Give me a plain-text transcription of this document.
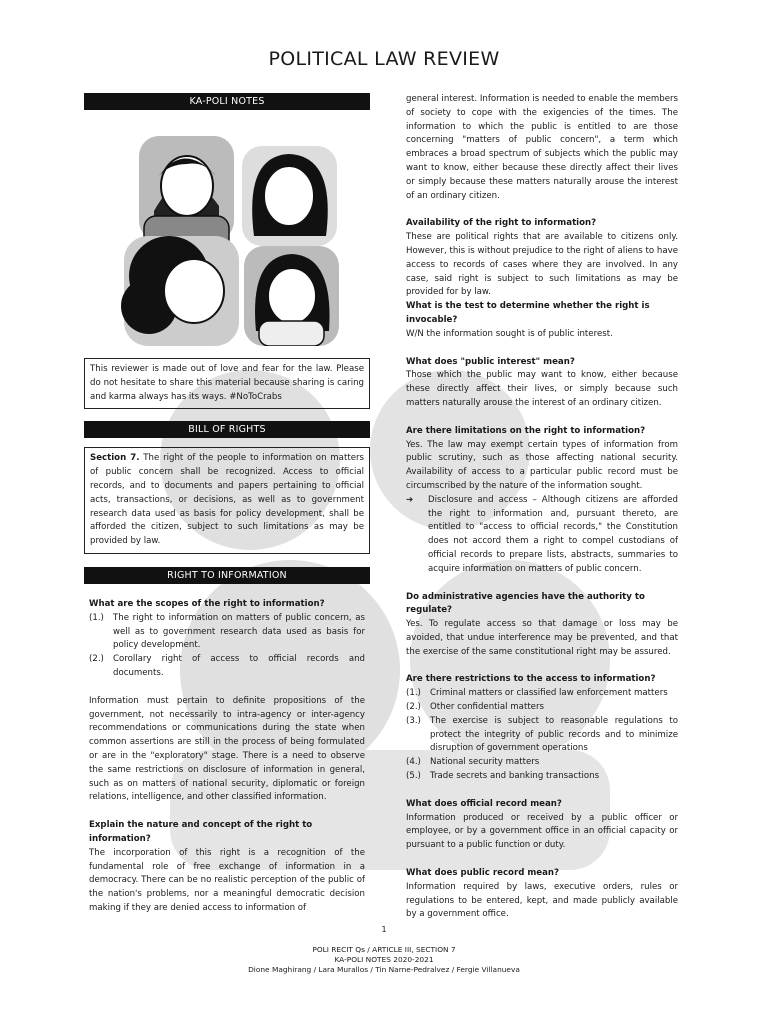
POLITICAL LAW REVIEW
KA-POLI NOTES
This reviewer is made out of love and fear for the law. Please do not hesitate to share this material because sharing is caring and karma always has its ways. #NoToCrabs
BILL OF RIGHTS
Section 7. The right of the people to information on matters of public concern shall be recognized. Access to official records, and to documents and papers pertaining to official acts, transactions, or decisions, as well as to government research data used as basis for policy development, shall be afforded the citizen, subject to such limitations as may be provided by law.
RIGHT TO INFORMATION
What are the scopes of the right to information?
(1.)	The right to information on matters of public concern, as well as to government research data used as basis for policy development.
(2.)	Corollary right of access to official records and documents.
Information must pertain to definite propositions of the government, not necessarily to intra-agency or inter-agency recommendations or communications during the state when common assertions are still in the process of being formulated or are in the "exploratory" stage. There is a need to observe the same restrictions on disclosure of information in general, such as on matters of national security, diplomatic or foreign relations, intelligence, and other classified information.
Explain the nature and concept of the right to information?
The incorporation of this right is a recognition of the fundamental role of free exchange of information in a democracy. There can be no realistic perception of the public of the nation's problems, nor a meaningful democratic decision making if they are denied access to information of
general interest. Information is needed to enable the members of society to cope with the exigencies of the times. The information to which the public is entitled to are those concerning "matters of public concern", a term which embraces a broad spectrum of subjects which the public may want to know, either because these directly affect their lives or simply because these matters naturally arouse the interest of an ordinary citizen.
Availability of the right to information?
These are political rights that are available to citizens only. However, this is without prejudice to the right of aliens to have access to records of cases where they are involved. In any case, said right is subject to such limitations as may be provided for by law.
What is the test to determine whether the right is invocable?
W/N the information sought is of public interest.
What does "public interest" mean?
Those which the public may want to know, either because these directly affect their lives, or simply because such matters naturally arouse the interest of an ordinary citizen.
Are there limitations on the right to information?
Yes. The law may exempt certain types of information from public scrutiny, such as those affecting national security. Availability of access to a particular public record must be circumscribed by the nature of the information sought.
➔	Disclosure and access – Although citizens are afforded the right to information and, pursuant thereto, are entitled to "access to official records," the Constitution does not accord them a right to compel custodians of official records to prepare lists, abstracts, summaries to acquire information on matters of public concern.
Do administrative agencies have the authority to regulate?
Yes. To regulate access so that damage or loss may be avoided, that undue interference may be prevented, and that the exercise of the same constitutional right may be assured.
Are there restrictions to the access to information?
(1.)	Criminal matters or classified law enforcement matters
(2.)	Other confidential matters
(3.)	The exercise is subject to reasonable regulations to protect the integrity of public records and to minimize disruption of government operations
(4.)	National security matters
(5.)	Trade secrets and banking transactions
What does official record mean?
Information produced or received by a public officer or employee, or by a government office in an official capacity or pursuant to a public function or duty.
What does public record mean?
Information required by laws, executive orders, rules or regulations to be entered, kept, and made publicly available by a government office.
1
POLI RECIT Qs / ARTICLE III, SECTION 7
KA-POLI NOTES 2020-2021
Dione Maghirang / Lara Murallos / Tin Narne-Pedralvez / Fergie Villanueva
